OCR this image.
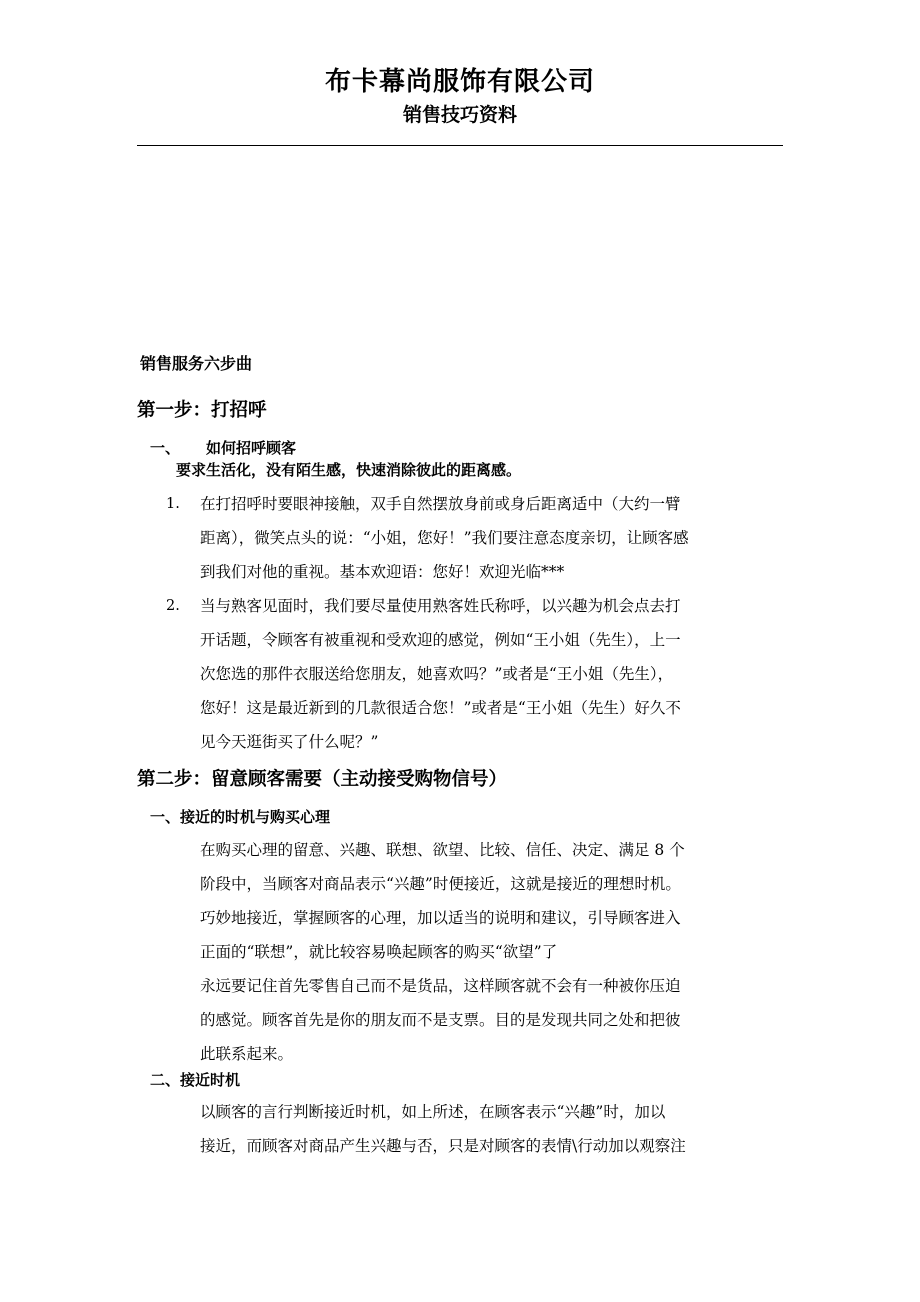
布卡幕尚服饰有限公司
销售技巧资料
销售服务六步曲
第一步：打招呼
一、 如何招呼顾客
要求生活化，没有陌生感，快速消除彼此的距离感。
1. 在打招呼时要眼神接触，双手自然摆放身前或身后距离适中（大约一臂
距离），微笑点头的说：“小姐，您好！”我们要注意态度亲切，让顾客感
到我们对他的重视。基本欢迎语：您好！欢迎光临***
2. 当与熟客见面时，我们要尽量使用熟客姓氏称呼，以兴趣为机会点去打
开话题，令顾客有被重视和受欢迎的感觉，例如“王小姐（先生），上一
次您选的那件衣服送给您朋友，她喜欢吗？”或者是“王小姐（先生），
您好！这是最近新到的几款很适合您！”或者是“王小姐（先生）好久不
见今天逛街买了什么呢？”
第二步：留意顾客需要（主动接受购物信号）
一、接近的时机与购买心理
在购买心理的留意、兴趣、联想、欲望、比较、信任、决定、满足 8 个
阶段中，当顾客对商品表示“兴趣”时便接近，这就是接近的理想时机。
巧妙地接近，掌握顾客的心理，加以适当的说明和建议，引导顾客进入
正面的“联想”，就比较容易唤起顾客的购买“欲望”了
永远要记住首先零售自己而不是货品，这样顾客就不会有一种被你压迫
的感觉。顾客首先是你的朋友而不是支票。目的是发现共同之处和把彼
此联系起来。
二、接近时机
以顾客的言行判断接近时机，如上所述，在顾客表示“兴趣”时，加以
接近，而顾客对商品产生兴趣与否，只是对顾客的表情\行动加以观察注
